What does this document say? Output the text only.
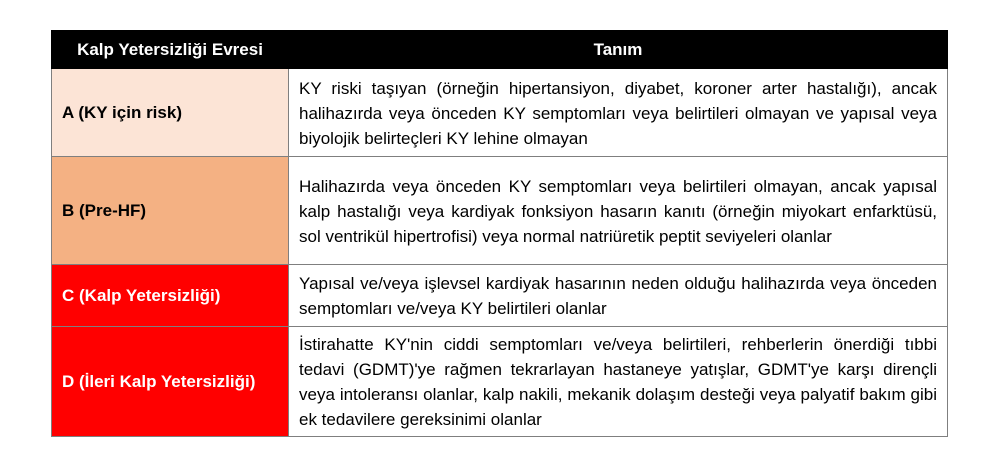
Kalp Yetersizliği Evresi	Tanım
A (KY için risk)	KY riski taşıyan (örneğin hipertansiyon, diyabet, koroner arter hastalığı), ancak halihazırda veya önceden KY semptomları veya belirtileri olmayan ve yapısal veya biyolojik belirteçleri KY lehine olmayan
B (Pre-HF)	Halihazırda veya önceden KY semptomları veya belirtileri olmayan, ancak yapısal kalp hastalığı veya kardiyak fonksiyon hasarın kanıtı (örneğin miyokart enfarktüsü, sol ventrikül hipertrofisi) veya normal natriüretik peptit seviyeleri olanlar
C (Kalp Yetersizliği)	Yapısal ve/veya işlevsel kardiyak hasarının neden olduğu halihazırda veya önceden semptomları ve/veya KY belirtileri olanlar
D (İleri Kalp Yetersizliği)	İstirahatte KY'nin ciddi semptomları ve/veya belirtileri, rehberlerin önerdiği tıbbi tedavi (GDMT)'ye rağmen tekrarlayan hastaneye yatışlar, GDMT'ye karşı dirençli veya intoleransı olanlar, kalp nakili, mekanik dolaşım desteği veya palyatif bakım gibi ek tedavilere gereksinimi olanlar
